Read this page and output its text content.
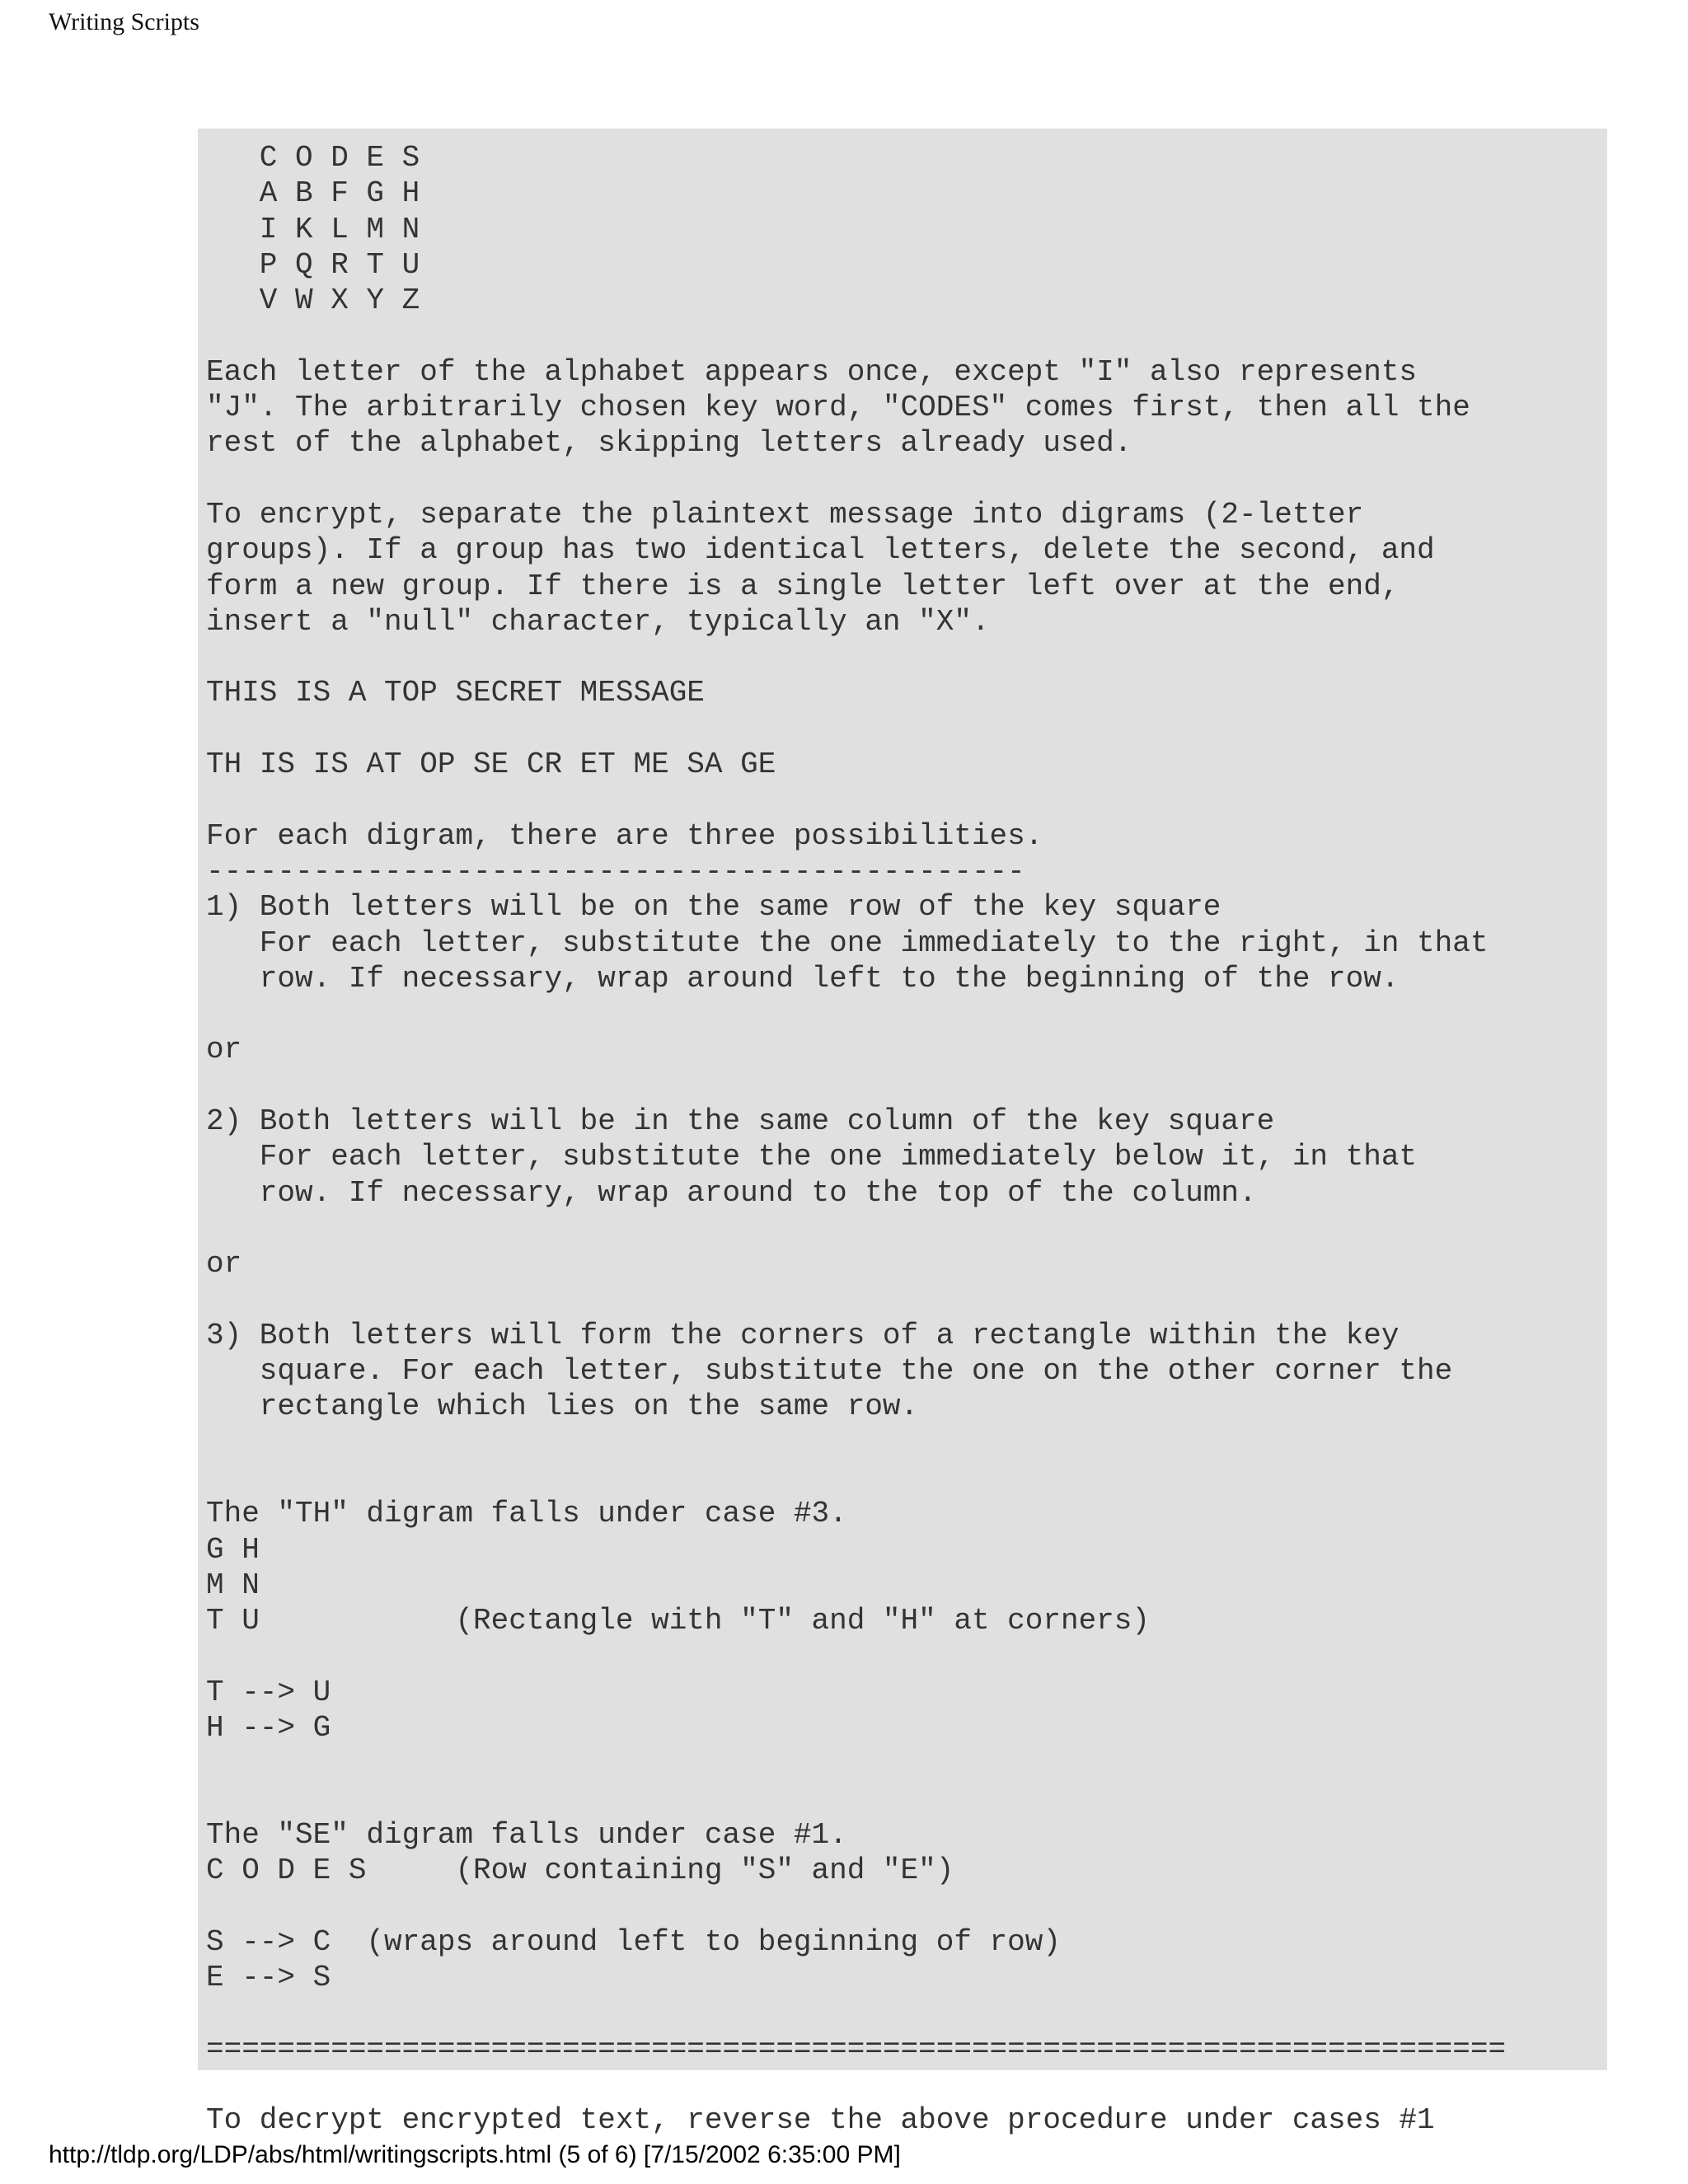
Writing Scripts
C O D E S
A B F G H
I K L M N
P Q R T U
V W X Y Z

Each letter of the alphabet appears once, except "I" also represents
"J". The arbitrarily chosen key word, "CODES" comes first, then all the
rest of the alphabet, skipping letters already used.

To encrypt, separate the plaintext message into digrams (2-letter
groups). If a group has two identical letters, delete the second, and
form a new group. If there is a single letter left over at the end,
insert a "null" character, typically an "X".

THIS IS A TOP SECRET MESSAGE

TH IS IS AT OP SE CR ET ME SA GE

For each digram, there are three possibilities.
----------------------------------------------
1) Both letters will be on the same row of the key square
For each letter, substitute the one immediately to the right, in that
row. If necessary, wrap around left to the beginning of the row.

or

2) Both letters will be in the same column of the key square
For each letter, substitute the one immediately below it, in that
row. If necessary, wrap around to the top of the column.

or

3) Both letters will form the corners of a rectangle within the key
square. For each letter, substitute the one on the other corner the
rectangle which lies on the same row.

The "TH" digram falls under case #3.
G H
M N
T U           (Rectangle with "T" and "H" at corners)

T --> U
H --> G

The "SE" digram falls under case #1.
C O D E S     (Row containing "S" and "E")

S --> C  (wraps around left to beginning of row)
E --> S

=========================================================================

To decrypt encrypted text, reverse the above procedure under cases #1

http://tldp.org/LDP/abs/html/writingscripts.html (5 of 6) [7/15/2002 6:35:00 PM]
